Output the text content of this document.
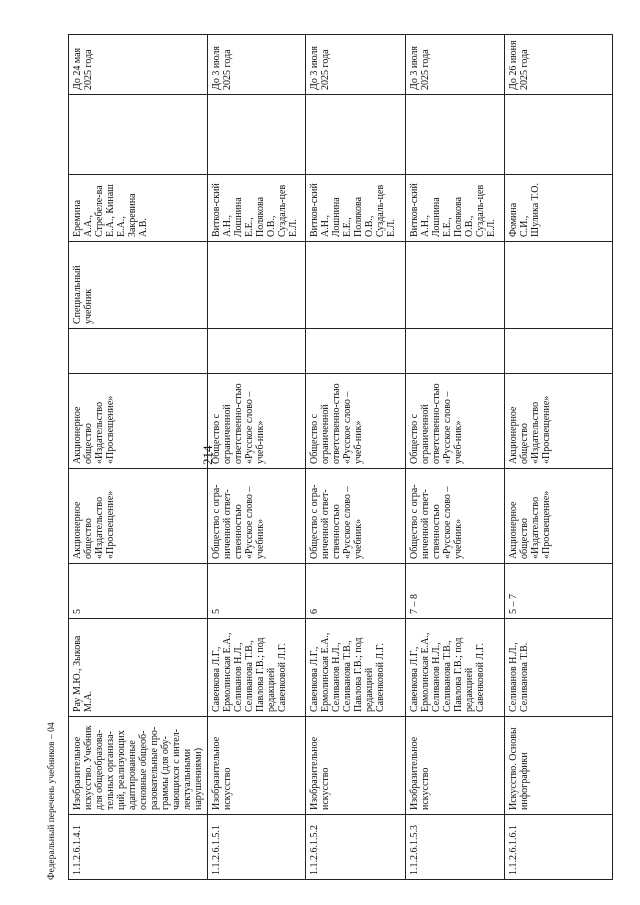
214
1.1.2.6.1.4.1	Изобразительное искусство. Учебник для общеобразова-тельных организа-ций, реализующих адаптированные основные общеоб-разовательные про-граммы (для обу-чающихся с интел-лектуальными нарушениями)	Рау М.Ю., Зыкова М.А.	5	Акционерное общество «Издательство «Просвещение»	Акционерное общество «Издательство «Просвещение»		Специальный учебник	Еремина А.А., Стребеле-ва Е.А., Кинаш Е.А., Закревина А.В.		До 24 мая 2025 года
1.1.2.6.1.5.1	Изобразительное искусство	Савенкова Л.Г., Ермолинская Е.А., Селиванов Н.Л., Селиванова Т.В., Павлова Г.В.; под редакцией Савенковой Л.Г.	5	Общество с огра-ниченной ответ-ственностью «Русское слово – учебник»	Общество с ограниченной ответственно-стью «Русское слово – учеб-ник»			Витков-ский А.Н., Лошнина Е.Е., Полякова О.В., Суздаль-цев Е.Л.		До 3 июля 2025 года
1.1.2.6.1.5.2	Изобразительное искусство	Савенкова Л.Г., Ермолинская Е.А., Селиванов Н.Л., Селиванова Т.В., Павлова Г.В.; под редакцией Савенковой Л.Г.	6	Общество с огра-ниченной ответ-ственностью «Русское слово – учебник»	Общество с ограниченной ответственно-стью «Русское слово – учеб-ник»			Витков-ский А.Н., Лошнина Е.Е., Полякова О.В., Суздаль-цев Е.Л.		До 3 июля 2025 года
1.1.2.6.1.5.3	Изобразительное искусство	Савенкова Л.Г., Ермолинская Е.А., Селиванов Н.Л., Селиванова Т.В., Павлова Г.В.; под редакцией Савенковой Л.Г.	7 – 8	Общество с огра-ниченной ответ-ственностью «Русское слово – учебник»	Общество с ограниченной ответственно-стью «Русское слово – учеб-ник»			Витков-ский А.Н., Лошнина Е.Е., Полякова О.В., Суздаль-цев Е.Л.		До 3 июля 2025 года
1.1.2.6.1.6.1	Искусство. Основы инфографики	Селиванов Н.Л., Селиванова Т.В.	5 – 7	Акционерное общество «Издательство «Просвещение»	Акционерное общество «Издательство «Просвещение»			Фомина С.И., Шулика Т.О.		До 26 июня 2025 года
Федеральный перечень учебников – 04
